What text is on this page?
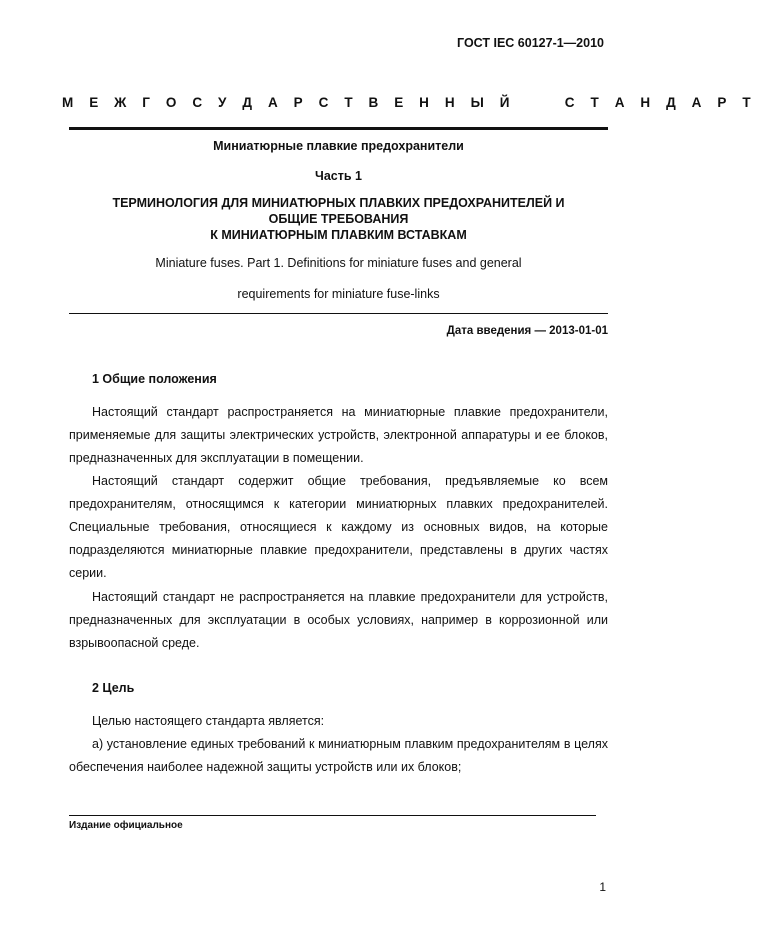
ГОСТ IEC 60127-1—2010
М Е Ж Г О С У Д А Р С Т В Е Н Н Ы Й     С Т А Н Д А Р Т
Миниатюрные плавкие предохранители
Часть 1
ТЕРМИНОЛОГИЯ ДЛЯ МИНИАТЮРНЫХ ПЛАВКИХ ПРЕДОХРАНИТЕЛЕЙ И
ОБЩИЕ ТРЕБОВАНИЯ
К МИНИАТЮРНЫМ ПЛАВКИМ ВСТАВКАМ
Miniature fuses. Part 1. Definitions for miniature fuses and general
requirements for miniature fuse-links
Дата введения — 2013-01-01
1 Общие положения

Настоящий стандарт распространяется на миниатюрные плавкие предохранители, применяемые для защиты электрических устройств, электронной аппаратуры и ее блоков, предназначенных для эксплуатации в помещении.

Настоящий стандарт содержит общие требования, предъявляемые ко всем предохранителям, относящимся к категории миниатюрных плавких предохранителей. Специальные требования, относящиеся к каждому из основных видов, на которые подразделяются миниатюрные плавкие предохранители, представлены в других частях серии.

Настоящий стандарт не распространяется на плавкие предохранители для устройств, предназначенных для эксплуатации в особых условиях, например в коррозионной или взрывоопасной среде.

2 Цель

Целью настоящего стандарта является:

а) установление единых требований к миниатюрным плавким предохранителям в целях обеспечения наиболее надежной защиты устройств или их блоков;

Издание официальное
1
